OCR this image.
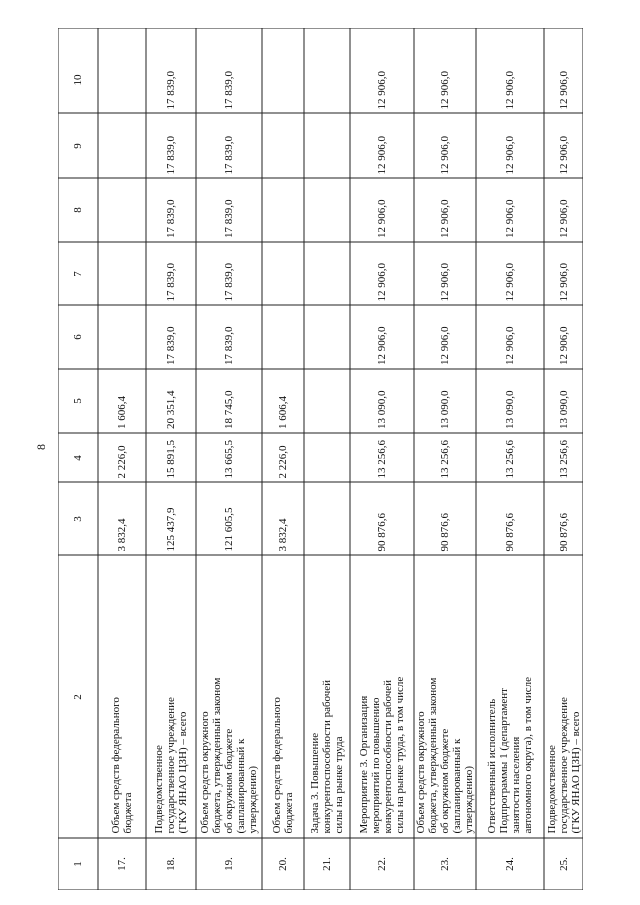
8
1
2
3
4
5
6
7
8
9
10
17.
Объем средств федерального
бюджета
3 832,4
2 226,0
1 606,4
18.
Подведомственное
государственное учреждение
(ГКУ ЯНАО ЦЗН) – всего
125 437,9
15 891,5
20 351,4
17 839,0
17 839,0
17 839,0
17 839,0
17 839,0
19.
Объем средств окружного
бюджета, утвержденный законом
об окружном бюджете
(запланированный к
утверждению)
121 605,5
13 665,5
18 745,0
17 839,0
17 839,0
17 839,0
17 839,0
17 839,0
20.
Объем средств федерального
бюджета
3 832,4
2 226,0
1 606,4
21.
Задача 3. Повышение
конкурентоспособности рабочей
силы на рынке труда
22.
Мероприятие 3. Организация
мероприятий по повышению
конкурентоспособности рабочей
силы на рынке труда, в том числе
90 876,6
13 256,6
13 090,0
12 906,0
12 906,0
12 906,0
12 906,0
12 906,0
23.
Объем средств окружного
бюджета, утвержденный законом
об окружном бюджете
(запланированный к
утверждению)
90 876,6
13 256,6
13 090,0
12 906,0
12 906,0
12 906,0
12 906,0
12 906,0
24.
Ответственный исполнитель
Подпрограммы 1 (департамент
занятости населения
автономного округа), в том числе
90 876,6
13 256,6
13 090,0
12 906,0
12 906,0
12 906,0
12 906,0
12 906,0
25.
Подведомственное
государственное учреждение
(ГКУ ЯНАО ЦЗН) – всего
90 876,6
13 256,6
13 090,0
12 906,0
12 906,0
12 906,0
12 906,0
12 906,0
